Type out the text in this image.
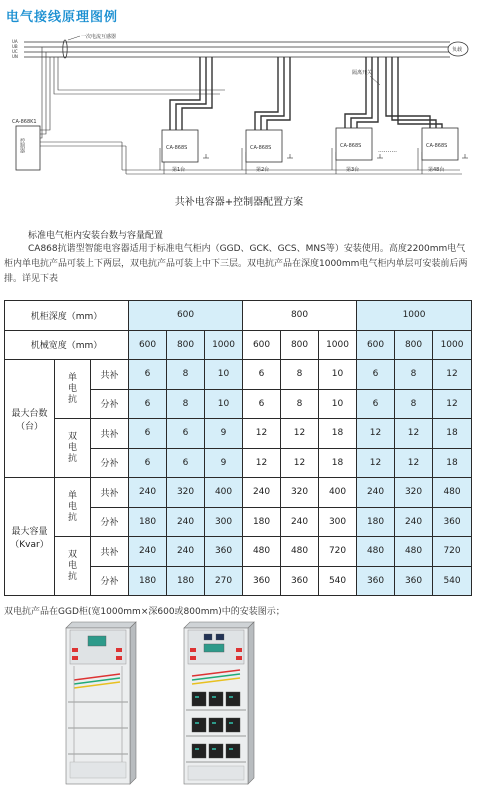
电气接线原理图例
UA
UB
UC
UN
一次电流互感器
负载
隔离开关
CA-868K1
控制器	CA-868S
第1台
CA-868S
第2台
CA-868S
第3台
··········
CA-868S
第48台
共补电容器+控制器配置方案
标准电气柜内安装台数与容量配置
CA868抗谐型智能电容器适用于标准电气柜内（GGD、GCK、GCS、MNS等）安装使用。高度2200mm电气柜内单电抗产品可装上下两层，双电抗产品可装上中下三层。双电抗产品在深度1000mm电气柜内单层可安装前后两排。详见下表
机柜深度（mm）			600			800			1000		
机械宽度（mm）			600	800	1000	600	800	1000	600	800	1000
最大台数（台）	单电抗	共补	6	8	10	6	8	10	6	8	12
		分补	6	8	10	6	8	10	6	8	12
	双电抗	共补	6	6	9	12	12	18	12	12	18
		分补	6	6	9	12	12	18	12	12	18
最大容量（Kvar）	单电抗	共补	240	320	400	240	320	400	240	320	480
		分补	180	240	300	180	240	300	180	240	360
	双电抗	共补	240	240	360	480	480	720	480	480	720
		分补	180	180	270	360	360	540	360	360	540
双电抗产品在GGD柜(宽1000mm×深600或800mm)中的安装图示；
